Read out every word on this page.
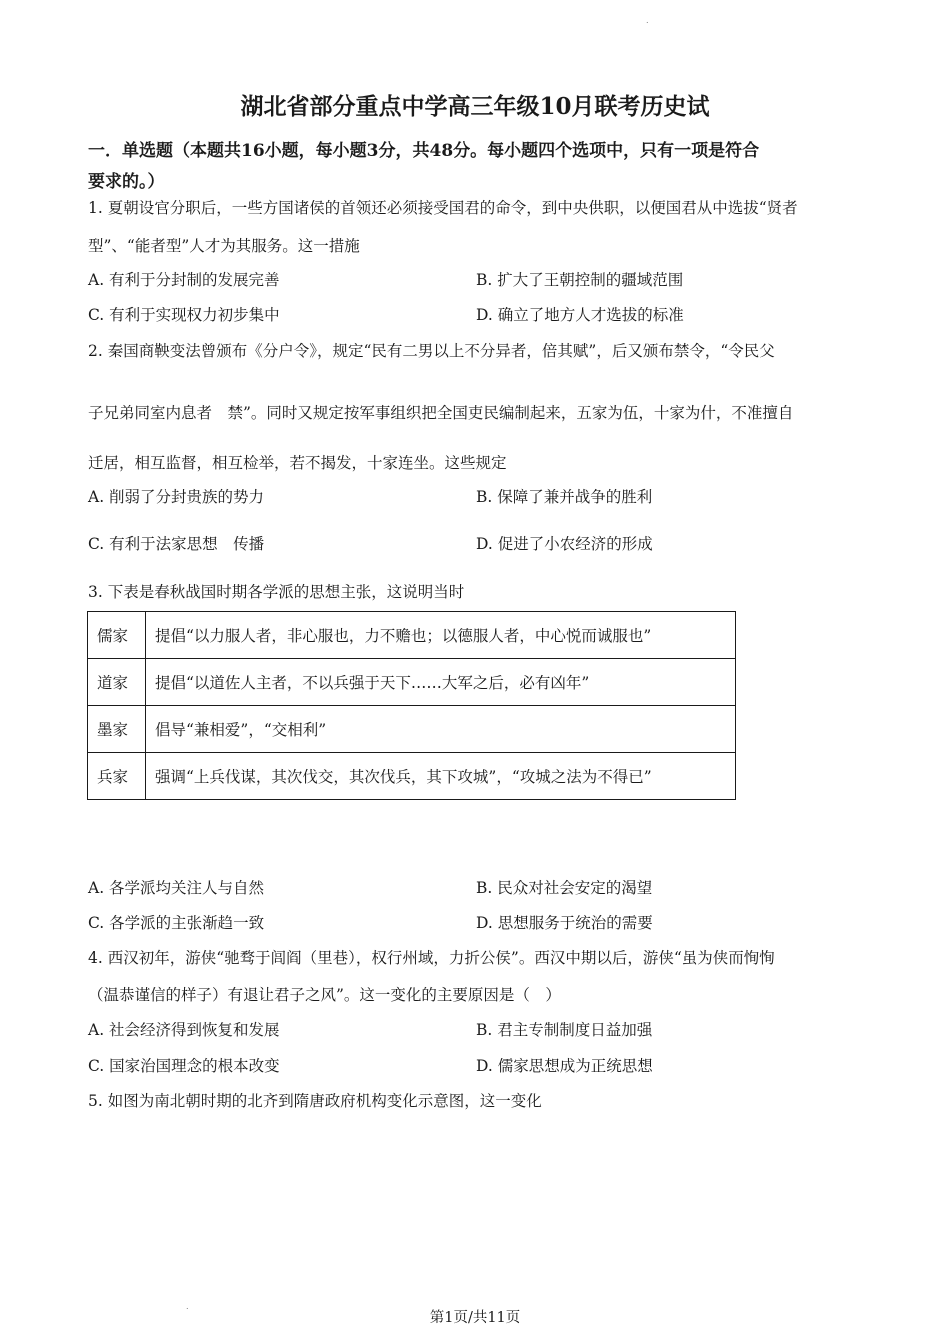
.
湖北省部分重点中学高三年级10月联考历史试
一．单选题（本题共16小题，每小题3分，共48分。每小题四个选项中，只有一项是符合
要求的。）
1. 夏朝设官分职后，一些方国诸侯的首领还必须接受国君的命令，到中央供职，以便国君从中选拔“贤者
型”、“能者型”人才为其服务。这一措施
A. 有利于分封制的发展完善	B. 扩大了王朝控制的疆域范围
C. 有利于实现权力初步集中	D. 确立了地方人才选拔的标准
2. 秦国商鞅变法曾颁布《分户令》，规定“民有二男以上不分异者，倍其赋”，后又颁布禁令，“令民父
子兄弟同室内息者　禁”。同时又规定按军事组织把全国吏民编制起来，五家为伍，十家为什，不准擅自
迁居，相互监督，相互检举，若不揭发，十家连坐。这些规定
A. 削弱了分封贵族的势力	B. 保障了兼并战争的胜利
C. 有利于法家思想　传播	D. 促进了小农经济的形成
3. 下表是春秋战国时期各学派的思想主张，这说明当时
儒家	提倡“以力服人者，非心服也，力不赡也；以德服人者，中心悦而诚服也”
道家	提倡“以道佐人主者，不以兵强于天下……大军之后，必有凶年”
墨家	倡导“兼相爱”，“交相利”
兵家	强调“上兵伐谋，其次伐交，其次伐兵，其下攻城”，“攻城之法为不得已”
A. 各学派均关注人与自然	B. 民众对社会安定的渴望
C. 各学派的主张渐趋一致	D. 思想服务于统治的需要
4. 西汉初年，游侠“驰骛于闾阎（里巷），权行州域，力折公侯”。西汉中期以后，游侠“虽为侠而恂恂
（温恭谨信的样子）有退让君子之风”。这一变化的主要原因是（　）
A. 社会经济得到恢复和发展	B. 君主专制制度日益加强
C. 国家治国理念的根本改变	D. 儒家思想成为正统思想
5. 如图为南北朝时期的北齐到隋唐政府机构变化示意图，这一变化
.
第1页/共11页
